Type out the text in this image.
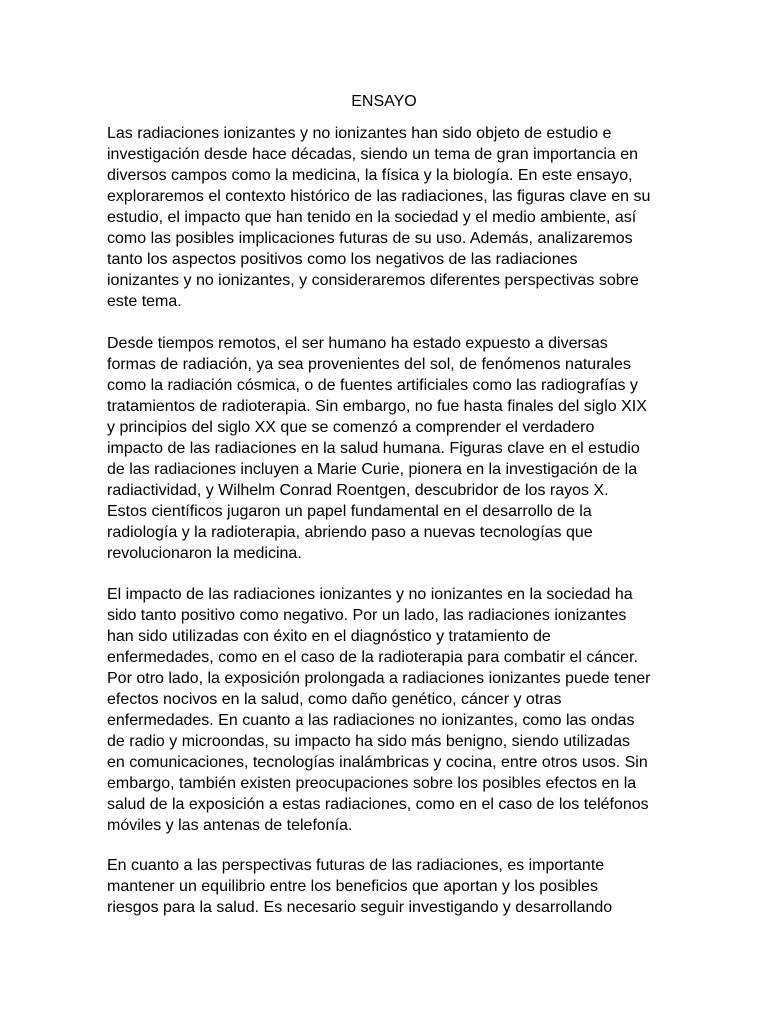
ENSAYO

Las radiaciones ionizantes y no ionizantes han sido objeto de estudio e
investigación desde hace décadas, siendo un tema de gran importancia en
diversos campos como la medicina, la física y la biología. En este ensayo,
exploraremos el contexto histórico de las radiaciones, las figuras clave en su
estudio, el impacto que han tenido en la sociedad y el medio ambiente, así
como las posibles implicaciones futuras de su uso. Además, analizaremos
tanto los aspectos positivos como los negativos de las radiaciones
ionizantes y no ionizantes, y consideraremos diferentes perspectivas sobre
este tema.

Desde tiempos remotos, el ser humano ha estado expuesto a diversas
formas de radiación, ya sea provenientes del sol, de fenómenos naturales
como la radiación cósmica, o de fuentes artificiales como las radiografías y
tratamientos de radioterapia. Sin embargo, no fue hasta finales del siglo XIX
y principios del siglo XX que se comenzó a comprender el verdadero
impacto de las radiaciones en la salud humana. Figuras clave en el estudio
de las radiaciones incluyen a Marie Curie, pionera en la investigación de la
radiactividad, y Wilhelm Conrad Roentgen, descubridor de los rayos X.
Estos científicos jugaron un papel fundamental en el desarrollo de la
radiología y la radioterapia, abriendo paso a nuevas tecnologías que
revolucionaron la medicina.

El impacto de las radiaciones ionizantes y no ionizantes en la sociedad ha
sido tanto positivo como negativo. Por un lado, las radiaciones ionizantes
han sido utilizadas con éxito en el diagnóstico y tratamiento de
enfermedades, como en el caso de la radioterapia para combatir el cáncer.
Por otro lado, la exposición prolongada a radiaciones ionizantes puede tener
efectos nocivos en la salud, como daño genético, cáncer y otras
enfermedades. En cuanto a las radiaciones no ionizantes, como las ondas
de radio y microondas, su impacto ha sido más benigno, siendo utilizadas
en comunicaciones, tecnologías inalámbricas y cocina, entre otros usos. Sin
embargo, también existen preocupaciones sobre los posibles efectos en la
salud de la exposición a estas radiaciones, como en el caso de los teléfonos
móviles y las antenas de telefonía.

En cuanto a las perspectivas futuras de las radiaciones, es importante
mantener un equilibrio entre los beneficios que aportan y los posibles
riesgos para la salud. Es necesario seguir investigando y desarrollando
